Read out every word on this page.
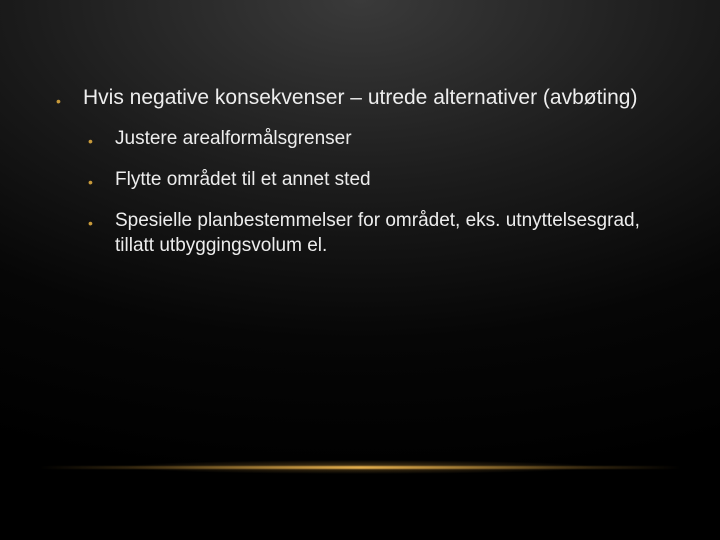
• Hvis negative konsekvenser – utrede alternativer (avbøting)
• Justere arealformålsgrenser
• Flytte området til et annet sted
• Spesielle planbestemmelser for området, eks. utnyttelsesgrad, tillatt utbyggingsvolum el.
